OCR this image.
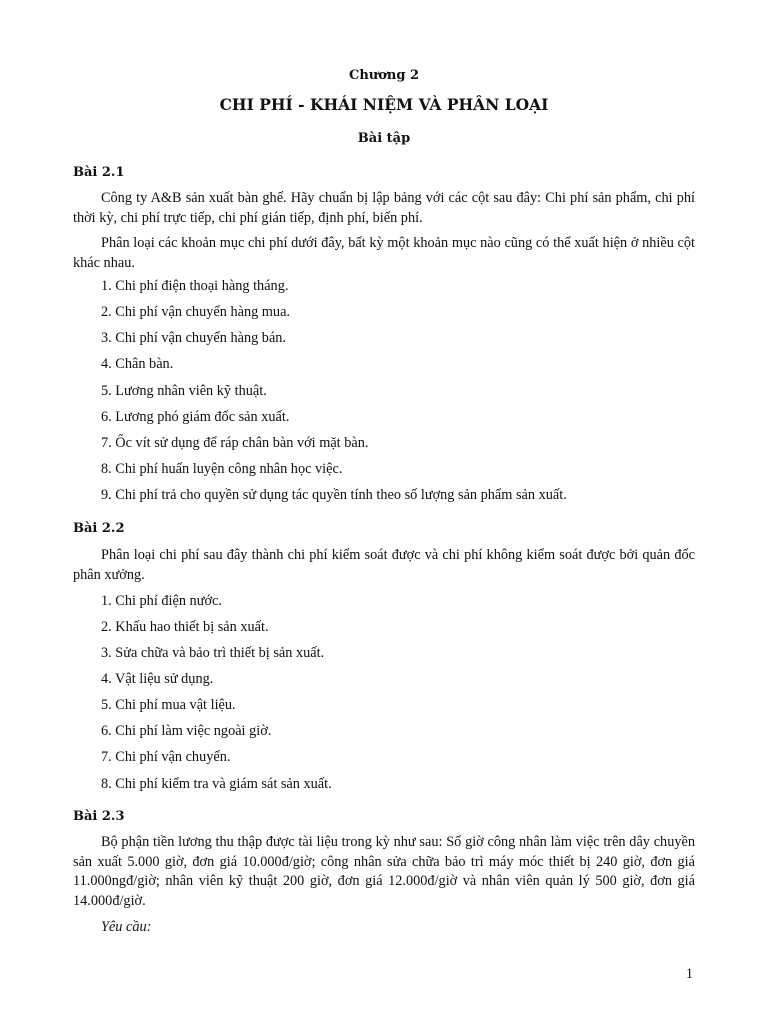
Chương 2
CHI PHÍ - KHÁI NIỆM VÀ PHÂN LOẠI
Bài tập
Bài 2.1
Công ty A&B sản xuất bàn ghế. Hãy chuẩn bị lập bảng với các cột sau đây: Chi phí sản phẩm, chi phí thời kỳ, chi phí trực tiếp, chi phí gián tiếp, định phí, biến phí.
Phân loại các khoản mục chi phí dưới đây, bất kỳ một khoản mục nào cũng có thể xuất hiện ở nhiều cột khác nhau.
1. Chi phí điện thoại hàng tháng.
2. Chi phí vận chuyển hàng mua.
3. Chi phí vận chuyển hàng bán.
4. Chân bàn.
5. Lương nhân viên kỹ thuật.
6. Lương phó giám đốc sản xuất.
7. Ốc vít sử dụng để ráp chân bàn với mặt bàn.
8. Chi phí huấn luyện công nhân học việc.
9. Chi phí trả cho quyền sử dụng tác quyền tính theo số lượng sản phẩm sản xuất.
Bài 2.2
Phân loại chi phí sau đây thành chi phí kiểm soát được và chi phí không kiểm soát được bởi quản đốc phân xưởng.
1. Chi phí điện nước.
2. Khấu hao thiết bị sản xuất.
3. Sửa chữa và bảo trì thiết bị sản xuất.
4. Vật liệu sử dụng.
5. Chi phí mua vật liệu.
6. Chi phí làm việc ngoài giờ.
7. Chi phí vận chuyển.
8. Chi phí kiểm tra và giám sát sản xuất.
Bài 2.3
Bộ phận tiền lương thu thập được tài liệu trong kỳ như sau: Số giờ công nhân làm việc trên dây chuyền sản xuất 5.000 giờ, đơn giá 10.000đ/giờ; công nhân sửa chữa bảo trì máy móc thiết bị 240 giờ, đơn giá 11.000ngđ/giờ; nhân viên kỹ thuật 200 giờ, đơn giá 12.000đ/giờ và nhân viên quản lý 500 giờ, đơn giá 14.000đ/giờ.
Yêu cầu:
1
